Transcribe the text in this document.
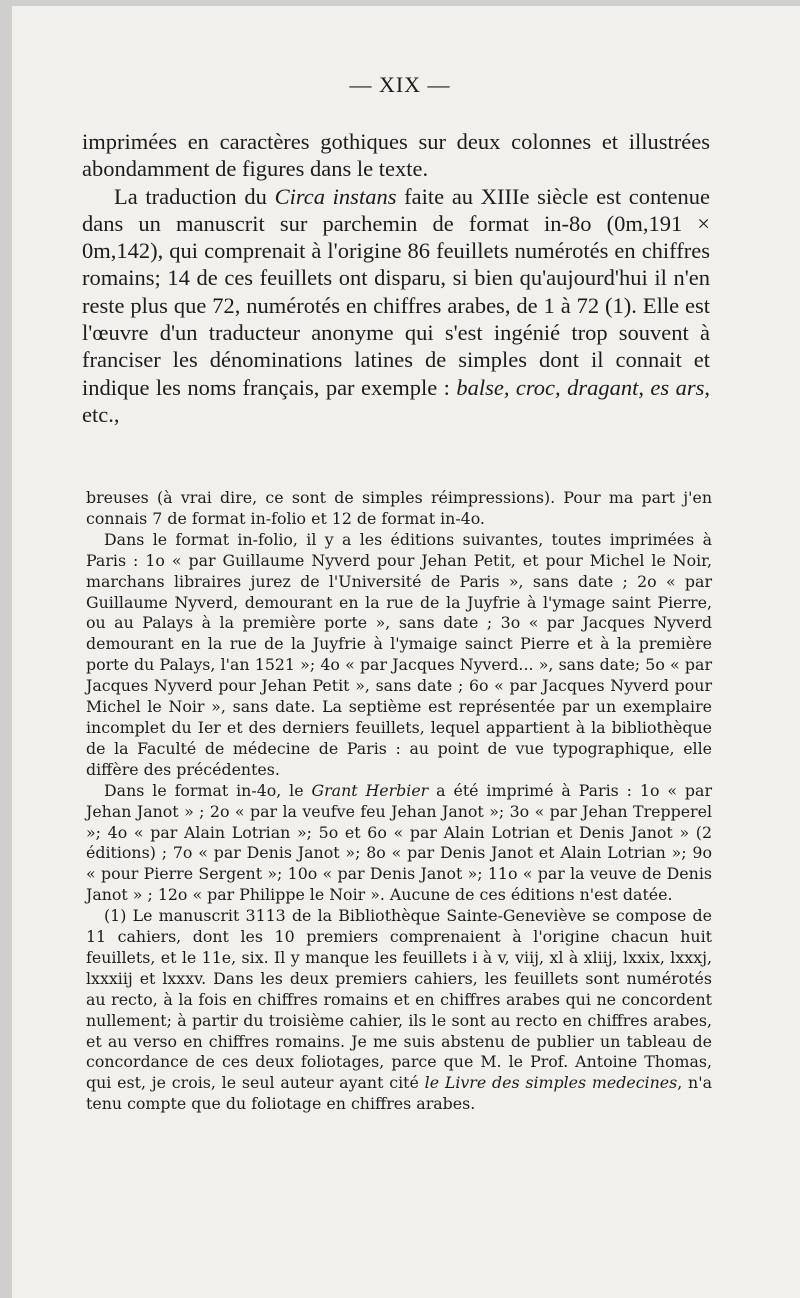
— XIX —

imprimées en caractères gothiques sur deux colonnes et illustrées abondamment de figures dans le texte.

La traduction du Circa instans faite au XIIIe siècle est contenue dans un manuscrit sur parchemin de format in-8o (0m,191 × 0m,142), qui comprenait à l'origine 86 feuillets numérotés en chiffres romains; 14 de ces feuillets ont disparu, si bien qu'aujourd'hui il n'en reste plus que 72, numérotés en chiffres arabes, de 1 à 72 (1). Elle est l'œuvre d'un traducteur anonyme qui s'est ingénié trop souvent à franciser les dénominations latines de simples dont il connait et indique les noms français, par exemple : balse, croc, dragant, es ars, etc.,

breuses (à vrai dire, ce sont de simples réimpressions). Pour ma part j'en connais 7 de format in-folio et 12 de format in-4o.

Dans le format in-folio, il y a les éditions suivantes, toutes imprimées à Paris : 1o « par Guillaume Nyverd pour Jehan Petit, et pour Michel le Noir, marchans libraires jurez de l'Université de Paris », sans date ; 2o « par Guillaume Nyverd, demourant en la rue de la Juyfrie à l'ymage saint Pierre, ou au Palays à la première porte », sans date ; 3o « par Jacques Nyverd demourant en la rue de la Juyfrie à l'ymaige sainct Pierre et à la première porte du Palays, l'an 1521 »; 4o « par Jacques Nyverd... », sans date; 5o « par Jacques Nyverd pour Jehan Petit », sans date ; 6o « par Jacques Nyverd pour Michel le Noir », sans date. La septième est représentée par un exemplaire incomplet du Ier et des derniers feuillets, lequel appartient à la bibliothèque de la Faculté de médecine de Paris : au point de vue typographique, elle diffère des précédentes.

Dans le format in-4o, le Grant Herbier a été imprimé à Paris : 1o « par Jehan Janot » ; 2o « par la veufve feu Jehan Janot »; 3o « par Jehan Trepperel »; 4o « par Alain Lotrian »; 5o et 6o « par Alain Lotrian et Denis Janot » (2 éditions) ; 7o « par Denis Janot »; 8o « par Denis Janot et Alain Lotrian »; 9o « pour Pierre Sergent »; 10o « par Denis Janot »; 11o « par la veuve de Denis Janot » ; 12o « par Philippe le Noir ». Aucune de ces éditions n'est datée.

(1) Le manuscrit 3113 de la Bibliothèque Sainte-Geneviève se compose de 11 cahiers, dont les 10 premiers comprenaient à l'origine chacun huit feuillets, et le 11e, six. Il y manque les feuillets i à v, viij, xl à xliij, lxxix, lxxxj, lxxxiij et lxxxv. Dans les deux premiers cahiers, les feuillets sont numérotés au recto, à la fois en chiffres romains et en chiffres arabes qui ne concordent nullement; à partir du troisième cahier, ils le sont au recto en chiffres arabes, et au verso en chiffres romains. Je me suis abstenu de publier un tableau de concordance de ces deux foliotages, parce que M. le Prof. Antoine Thomas, qui est, je crois, le seul auteur ayant cité le Livre des simples medecines, n'a tenu compte que du foliotage en chiffres arabes.
